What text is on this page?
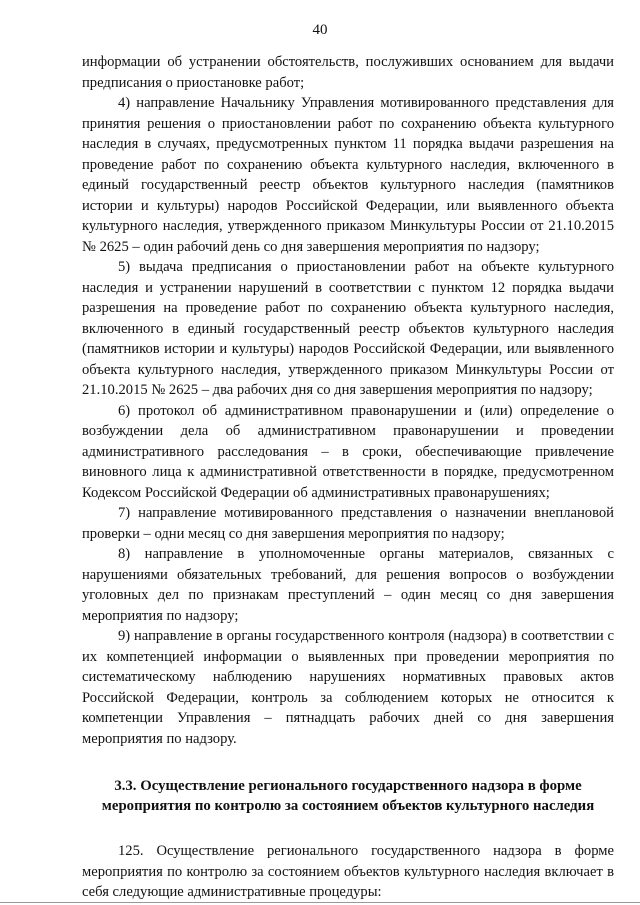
40

информации об устранении обстоятельств, послуживших основанием для выдачи предписания о приостановке работ;

4) направление Начальнику Управления мотивированного представления для принятия решения о приостановлении работ по сохранению объекта культурного наследия в случаях, предусмотренных пунктом 11 порядка выдачи разрешения на проведение работ по сохранению объекта культурного наследия, включенного в единый государственный реестр объектов культурного наследия (памятников истории и культуры) народов Российской Федерации, или выявленного объекта культурного наследия, утвержденного приказом Минкультуры России от 21.10.2015 № 2625 – один рабочий день со дня завершения мероприятия по надзору;

5) выдача предписания о приостановлении работ на объекте культурного наследия и устранении нарушений в соответствии с пунктом 12 порядка выдачи разрешения на проведение работ по сохранению объекта культурного наследия, включенного в единый государственный реестр объектов культурного наследия (памятников истории и культуры) народов Российской Федерации, или выявленного объекта культурного наследия, утвержденного приказом Минкультуры России от 21.10.2015 № 2625 – два рабочих дня со дня завершения мероприятия по надзору;

6) протокол об административном правонарушении и (или) определение о возбуждении дела об административном правонарушении и проведении административного расследования – в сроки, обеспечивающие привлечение виновного лица к административной ответственности в порядке, предусмотренном Кодексом Российской Федерации об административных правонарушениях;

7) направление мотивированного представления о назначении внеплановой проверки – одни месяц со дня завершения мероприятия по надзору;

8) направление в уполномоченные органы материалов, связанных с нарушениями обязательных требований, для решения вопросов о возбуждении уголовных дел по признакам преступлений – один месяц со дня завершения мероприятия по надзору;

9) направление в органы государственного контроля (надзора) в соответствии с их компетенцией информации о выявленных при проведении мероприятия по систематическому наблюдению нарушениях нормативных правовых актов Российской Федерации, контроль за соблюдением которых не относится к компетенции Управления – пятнадцать рабочих дней со дня завершения мероприятия по надзору.

3.3. Осуществление регионального государственного надзора в форме
мероприятия по контролю за состоянием объектов культурного наследия

125. Осуществление регионального государственного надзора в форме мероприятия по контролю за состоянием объектов культурного наследия включает в себя следующие административные процедуры:
